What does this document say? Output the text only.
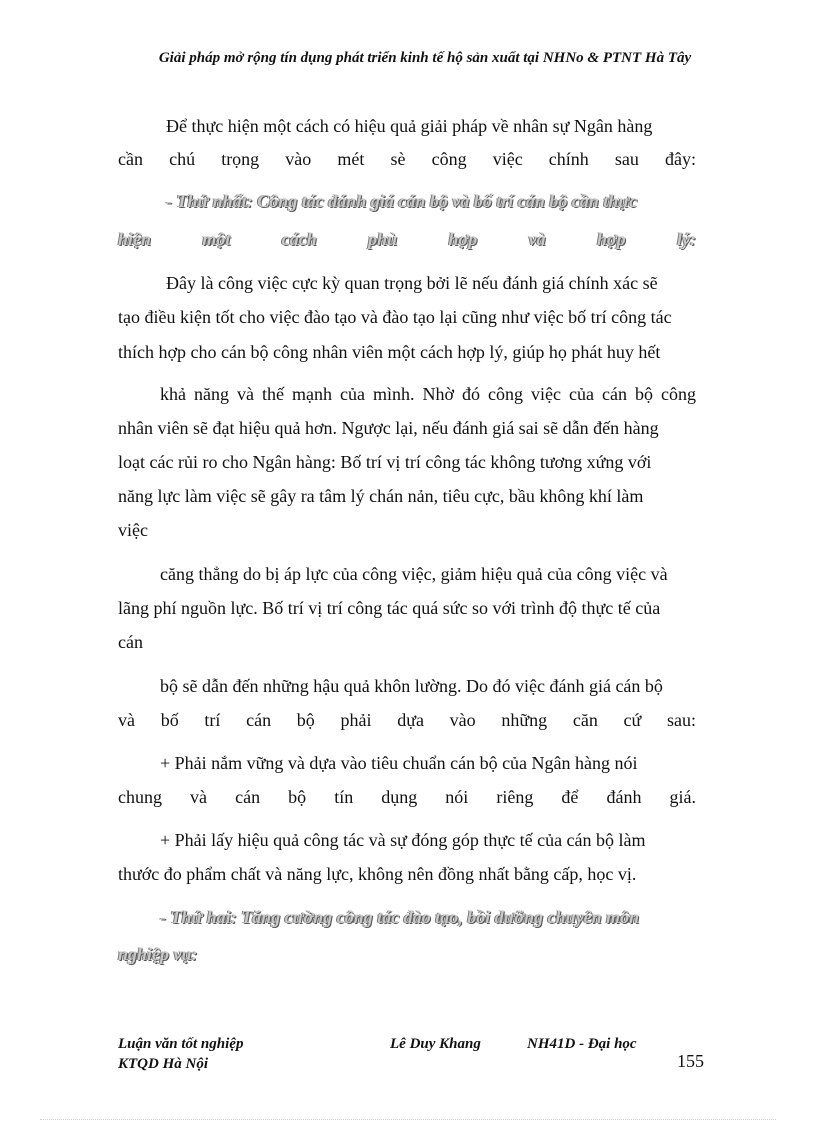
Giải pháp mở rộng tín dụng phát triển kinh tế hộ sản xuất tại NHNo & PTNT Hà Tây
Để thực hiện một cách có hiệu quả giải pháp về nhân sự Ngân hàng
cần chú trọng vào mét sè công việc chính sau đây:
- Thứ nhất: Công tác đánh giá cán bộ và bố trí cán bộ cần thực
hiện một cách phù hợp và hợp lý:
Đây là công việc cực kỳ quan trọng bởi lẽ nếu đánh giá chính xác sẽ
tạo điều kiện tốt cho việc đào tạo và đào tạo lại cũng như việc bố trí công tác
thích hợp cho cán bộ công nhân viên một cách hợp lý, giúp họ phát huy hết
khả năng và thế mạnh của mình. Nhờ đó công việc của cán bộ công
nhân viên sẽ đạt hiệu quả hơn. Ngược lại, nếu đánh giá sai sẽ dẫn đến hàng
loạt các rủi ro cho Ngân hàng: Bố trí vị trí công tác không tương xứng với
năng lực làm việc sẽ gây ra tâm lý chán nản, tiêu cực, bầu không khí làm
việc
căng thẳng do bị áp lực của công việc, giảm hiệu quả của công việc và
lãng phí nguồn lực. Bố trí vị trí công tác quá sức so với trình độ thực tế của
cán
bộ sẽ dẫn đến những hậu quả khôn lường. Do đó việc đánh giá cán bộ
và bố trí cán bộ phải dựa vào những căn cứ sau:
+ Phải nắm vững và dựa vào tiêu chuẩn cán bộ của Ngân hàng nói
chung và cán bộ tín dụng nói riêng để đánh giá.
+ Phải lấy hiệu quả công tác và sự đóng góp thực tế của cán bộ làm
thước đo phẩm chất và năng lực, không nên đồng nhất bằng cấp, học vị.
- Thứ hai: Tăng cường công tác đào tạo, bồi dưỡng chuyên môn
nghiệp vụ:
Luận văn tốt nghiệp
KTQD Hà Nội
Lê Duy Khang	NH41D - Đại học
155
